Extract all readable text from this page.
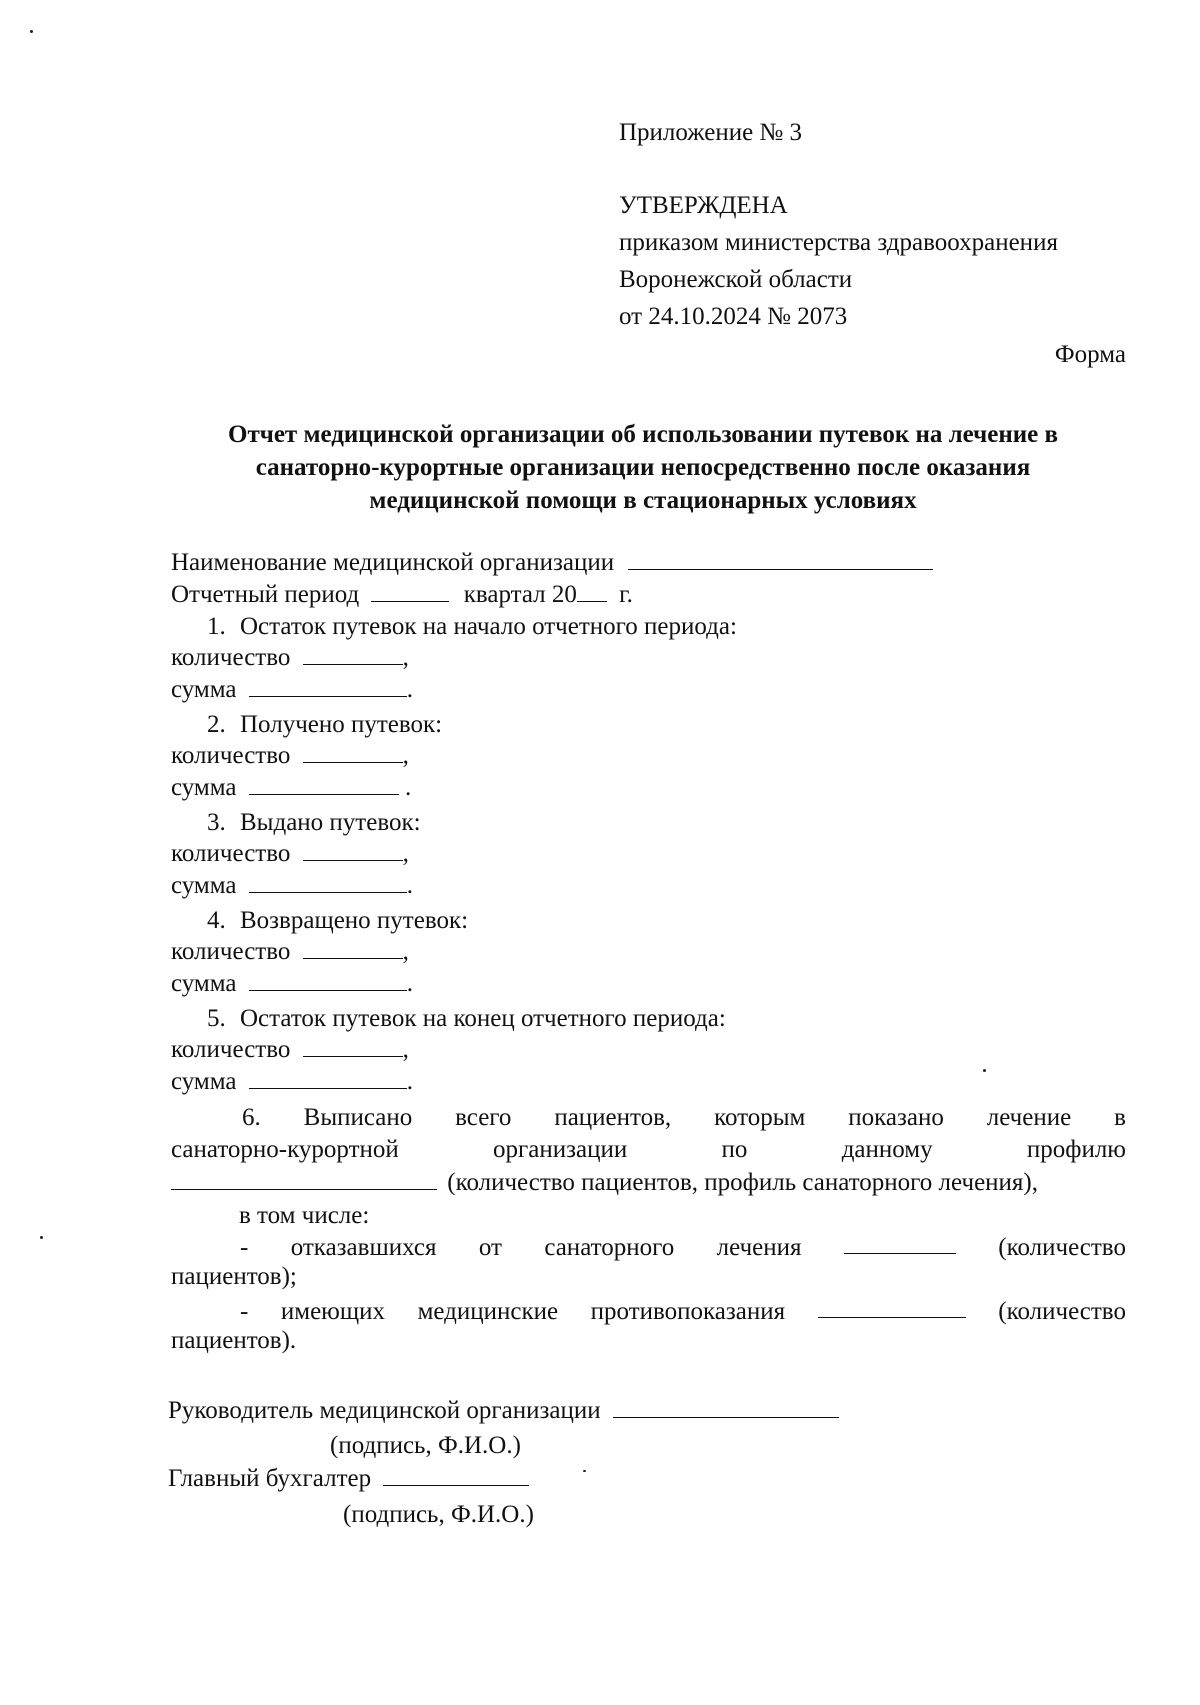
Приложение № 3
УТВЕРЖДЕНА
приказом министерства здравоохранения
Воронежской области
от 24.10.2024 № 2073
Форма
Отчет медицинской организации об использовании путевок на лечение в
санаторно-курортные организации непосредственно после оказания
медицинской помощи в стационарных условиях
Наименование медицинской организации
Отчетный период	квартал 20 г.
1. Остаток путевок на начало отчетного периода:
количество	,
сумма	.
2. Получено путевок:
количество	,
сумма	.
3. Выдано путевок:
количество	,
сумма	.
4. Возвращено путевок:
количество	,
сумма	.
5. Остаток путевок на конец отчетного периода:
количество	,
сумма	.
6. Выписано всего пациентов, которым показано лечение в
санаторно-курортной	организации	по	данному	профилю
(количество пациентов, профиль санаторного лечения),
в том числе:
- отказавшихся от санаторного лечения	(количество
пациентов);
- имеющих медицинские противопоказания	(количество
пациентов).
Руководитель медицинской организации
(подпись, Ф.И.О.)
Главный бухгалтер
(подпись, Ф.И.О.)
